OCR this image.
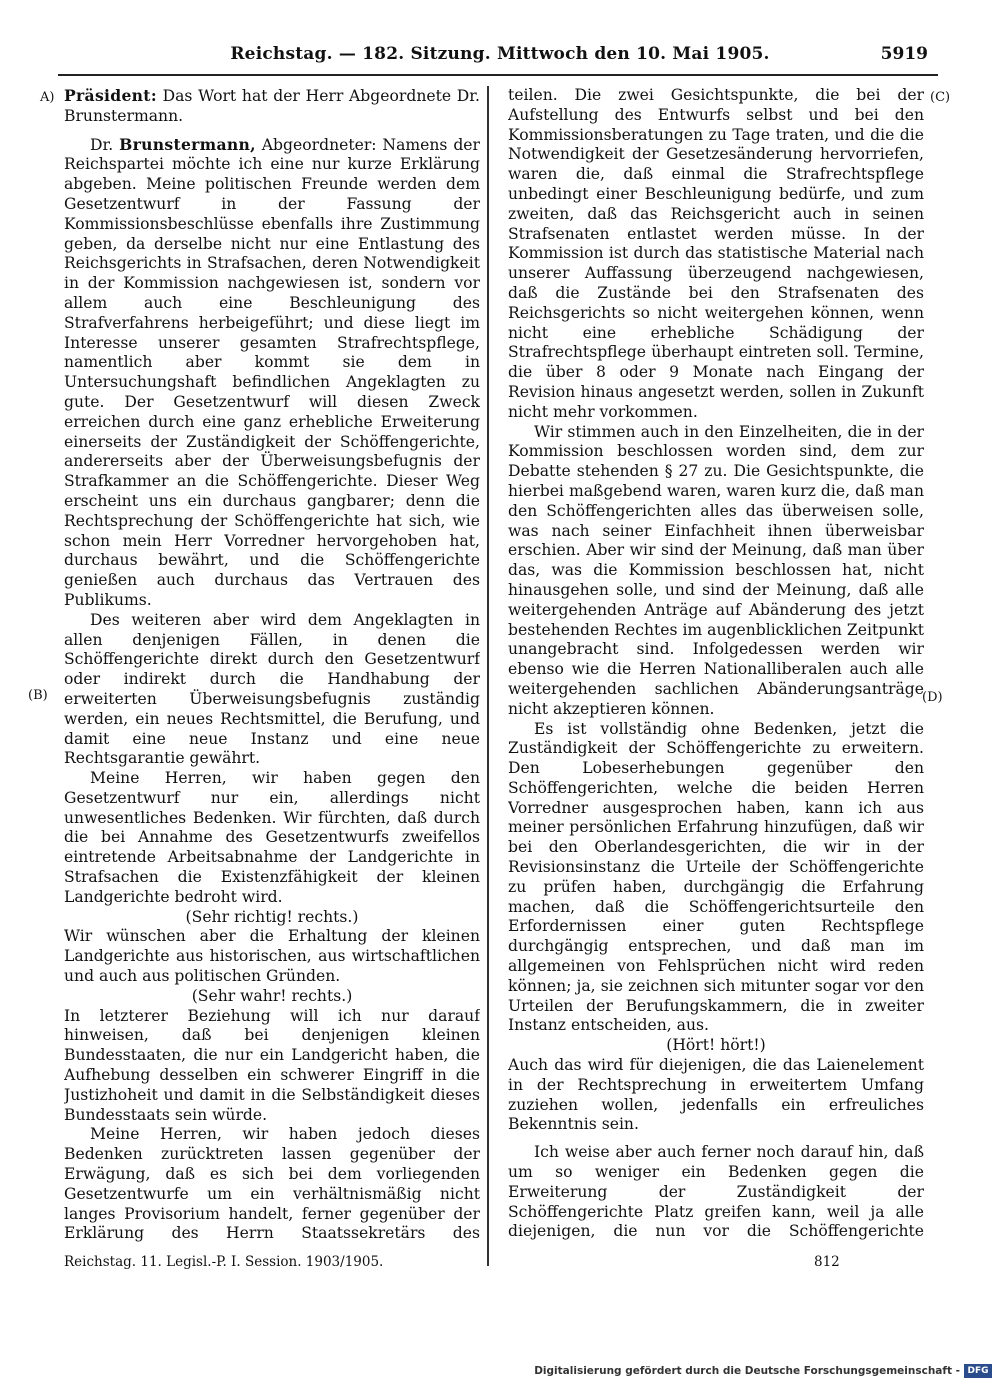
Reichstag. — 182. Sitzung. Mittwoch den 10. Mai 1905.	5919
A)
(B)
(C)
(D)

Präsident: Das Wort hat der Herr Abgeordnete Dr. Brunstermann.

Dr. Brunstermann, Abgeordneter: Namens der Reichspartei möchte ich eine nur kurze Erklärung abgeben. Meine politischen Freunde werden dem Gesetzentwurf in der Fassung der Kommissionsbeschlüsse ebenfalls ihre Zustimmung geben, da derselbe nicht nur eine Entlastung des Reichsgerichts in Strafsachen, deren Notwendigkeit in der Kommission nachgewiesen ist, sondern vor allem auch eine Beschleunigung des Strafverfahrens herbeigeführt; und diese liegt im Interesse unserer gesamten Strafrechtspflege, namentlich aber kommt sie dem in Untersuchungshaft befindlichen Angeklagten zu gute. Der Gesetzentwurf will diesen Zweck erreichen durch eine ganz erhebliche Erweiterung einerseits der Zuständigkeit der Schöffengerichte, andererseits aber der Überweisungsbefugnis der Strafkammer an die Schöffengerichte. Dieser Weg erscheint uns ein durchaus gangbarer; denn die Rechtsprechung der Schöffengerichte hat sich, wie schon mein Herr Vorredner hervorgehoben hat, durchaus bewährt, und die Schöffengerichte genießen auch durchaus das Vertrauen des Publikums.

Des weiteren aber wird dem Angeklagten in allen denjenigen Fällen, in denen die Schöffengerichte direkt durch den Gesetzentwurf oder indirekt durch die Handhabung der erweiterten Überweisungsbefugnis zuständig werden, ein neues Rechtsmittel, die Berufung, und damit eine neue Instanz und eine neue Rechtsgarantie gewährt.

Meine Herren, wir haben gegen den Gesetzentwurf nur ein, allerdings nicht unwesentliches Bedenken. Wir fürchten, daß durch die bei Annahme des Gesetzentwurfs zweifellos eintretende Arbeitsabnahme der Landgerichte in Strafsachen die Existenzfähigkeit der kleinen Landgerichte bedroht wird.

(Sehr richtig! rechts.)

Wir wünschen aber die Erhaltung der kleinen Landgerichte aus historischen, aus wirtschaftlichen und auch aus politischen Gründen.

(Sehr wahr! rechts.)

In letzterer Beziehung will ich nur darauf hinweisen, daß bei denjenigen kleinen Bundesstaaten, die nur ein Landgericht haben, die Aufhebung desselben ein schwerer Eingriff in die Justizhoheit und damit in die Selbständigkeit dieses Bundesstaats sein würde.

Meine Herren, wir haben jedoch dieses Bedenken zurücktreten lassen gegenüber der Erwägung, daß es sich bei dem vorliegenden Gesetzentwurfe um ein verhältnismäßig nicht langes Provisorium handelt, ferner gegenüber der Erklärung des Herrn Staatssekretärs des

teilen. Die zwei Gesichtspunkte, die bei der Aufstellung des Entwurfs selbst und bei den Kommissionsberatungen zu Tage traten, und die die Notwendigkeit der Gesetzesänderung hervorriefen, waren die, daß einmal die Strafrechtspflege unbedingt einer Beschleunigung bedürfe, und zum zweiten, daß das Reichsgericht auch in seinen Strafsenaten entlastet werden müsse. In der Kommission ist durch das statistische Material nach unserer Auffassung überzeugend nachgewiesen, daß die Zustände bei den Strafsenaten des Reichsgerichts so nicht weitergehen können, wenn nicht eine erhebliche Schädigung der Strafrechtspflege überhaupt eintreten soll. Termine, die über 8 oder 9 Monate nach Eingang der Revision hinaus angesetzt werden, sollen in Zukunft nicht mehr vorkommen.

Wir stimmen auch in den Einzelheiten, die in der Kommission beschlossen worden sind, dem zur Debatte stehenden § 27 zu. Die Gesichtspunkte, die hierbei maßgebend waren, waren kurz die, daß man den Schöffengerichten alles das überweisen solle, was nach seiner Einfachheit ihnen überweisbar erschien. Aber wir sind der Meinung, daß man über das, was die Kommission beschlossen hat, nicht hinausgehen solle, und sind der Meinung, daß alle weitergehenden Anträge auf Abänderung des jetzt bestehenden Rechtes im augenblicklichen Zeitpunkt unangebracht sind. Infolgedessen werden wir ebenso wie die Herren Nationalliberalen auch alle weitergehenden sachlichen Abänderungsanträge nicht akzeptieren können.

Es ist vollständig ohne Bedenken, jetzt die Zuständigkeit der Schöffengerichte zu erweitern. Den Lobeserhebungen gegenüber den Schöffengerichten, welche die beiden Herren Vorredner ausgesprochen haben, kann ich aus meiner persönlichen Erfahrung hinzufügen, daß wir bei den Oberlandesgerichten, die wir in der Revisionsinstanz die Urteile der Schöffengerichte zu prüfen haben, durchgängig die Erfahrung machen, daß die Schöffengerichtsurteile den Erfordernissen einer guten Rechtspflege durchgängig entsprechen, und daß man im allgemeinen von Fehlsprüchen nicht wird reden können; ja, sie zeichnen sich mitunter sogar vor den Urteilen der Berufungskammern, die in zweiter Instanz entscheiden, aus.

(Hört! hört!)

Auch das wird für diejenigen, die das Laienelement in der Rechtsprechung in erweitertem Umfang zuziehen wollen, jedenfalls ein erfreuliches Bekenntnis sein.

Ich weise aber auch ferner noch darauf hin, daß um so weniger ein Bedenken gegen die Erweiterung der Zuständigkeit der Schöffengerichte Platz greifen kann, weil ja alle diejenigen, die nun vor die Schöffengerichte

Reichstag. 11. Legisl.-P. I. Session. 1903/1905.	812
Digitalisierung gefördert durch die Deutsche Forschungsgemeinschaft - DFG
